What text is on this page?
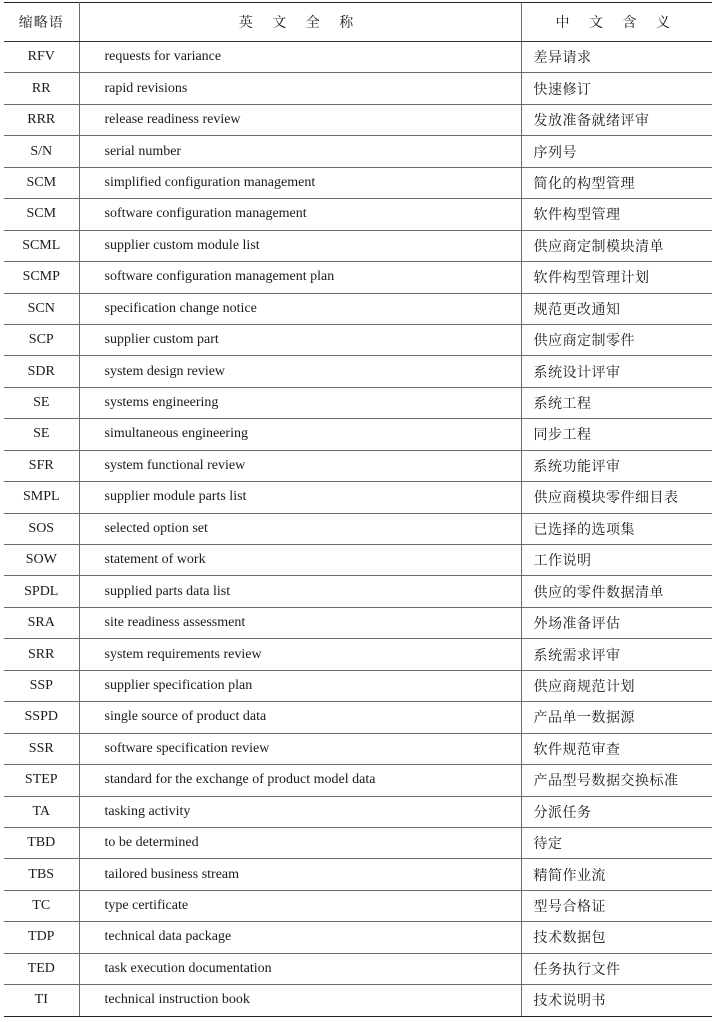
缩略语	英 文 全 称	中 文 含 义
RFV	requests for variance	差异请求
RR	rapid revisions	快速修订
RRR	release readiness review	发放准备就绪评审
S/N	serial number	序列号
SCM	simplified configuration management	简化的构型管理
SCM	software configuration management	软件构型管理
SCML	supplier custom module list	供应商定制模块清单
SCMP	software configuration management plan	软件构型管理计划
SCN	specification change notice	规范更改通知
SCP	supplier custom part	供应商定制零件
SDR	system design review	系统设计评审
SE	systems engineering	系统工程
SE	simultaneous engineering	同步工程
SFR	system functional review	系统功能评审
SMPL	supplier module parts list	供应商模块零件细目表
SOS	selected option set	已选择的选项集
SOW	statement of work	工作说明
SPDL	supplied parts data list	供应的零件数据清单
SRA	site readiness assessment	外场准备评估
SRR	system requirements review	系统需求评审
SSP	supplier specification plan	供应商规范计划
SSPD	single source of product data	产品单一数据源
SSR	software specification review	软件规范审查
STEP	standard for the exchange of product model data	产品型号数据交换标准
TA	tasking activity	分派任务
TBD	to be determined	待定
TBS	tailored business stream	精简作业流
TC	type certificate	型号合格证
TDP	technical data package	技术数据包
TED	task execution documentation	任务执行文件
TI	technical instruction book	技术说明书
